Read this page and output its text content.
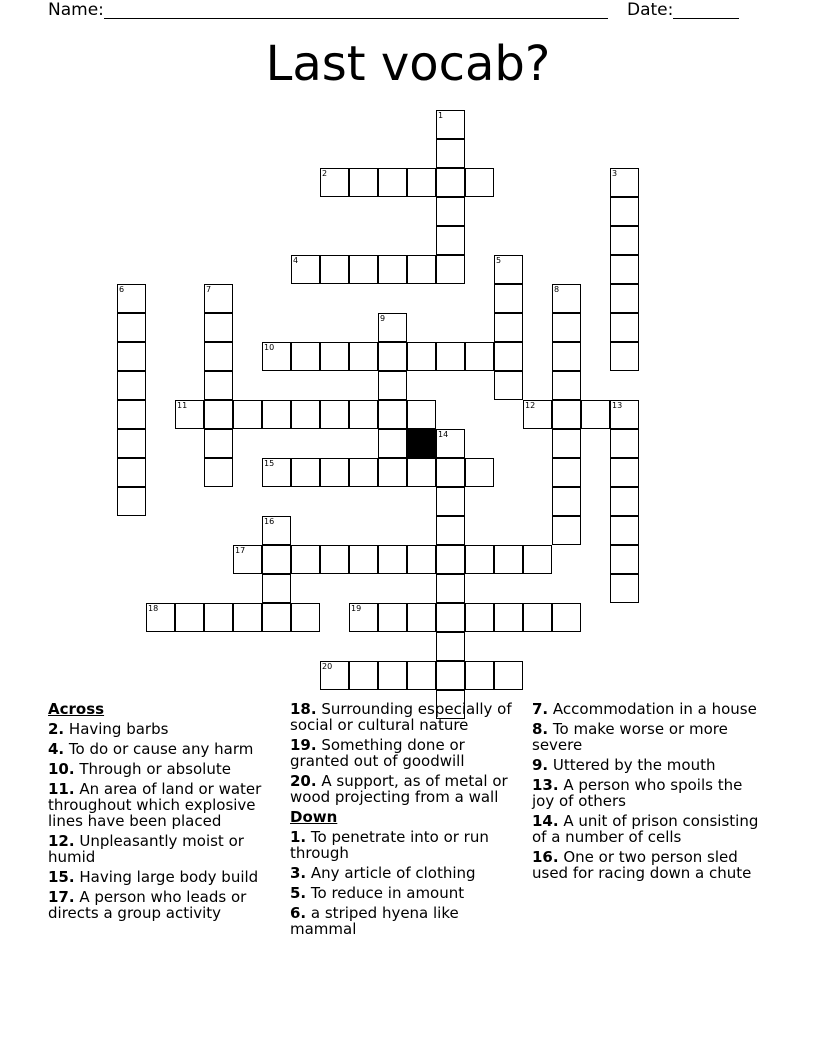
Name:	Date:
Last vocab?
2
4
10
11	12	13
15
17
18	19
20
1
3
5
6	7	8
9
14
16
Across
2. Having barbs
4. To do or cause any harm
10. Through or absolute
11. An area of land or water throughout which explosive lines have been placed
12. Unpleasantly moist or humid
15. Having large body build
17. A person who leads or directs a group activity
18. Surrounding especially of social or cultural nature
19. Something done or granted out of goodwill
20. A support, as of metal or wood projecting from a wall
Down
1. To penetrate into or run through
3. Any article of clothing
5. To reduce in amount
6. a striped hyena like mammal
7. Accommodation in a house
8. To make worse or more severe
9. Uttered by the mouth
13. A person who spoils the joy of others
14. A unit of prison consisting of a number of cells
16. One or two person sled used for racing down a chute
